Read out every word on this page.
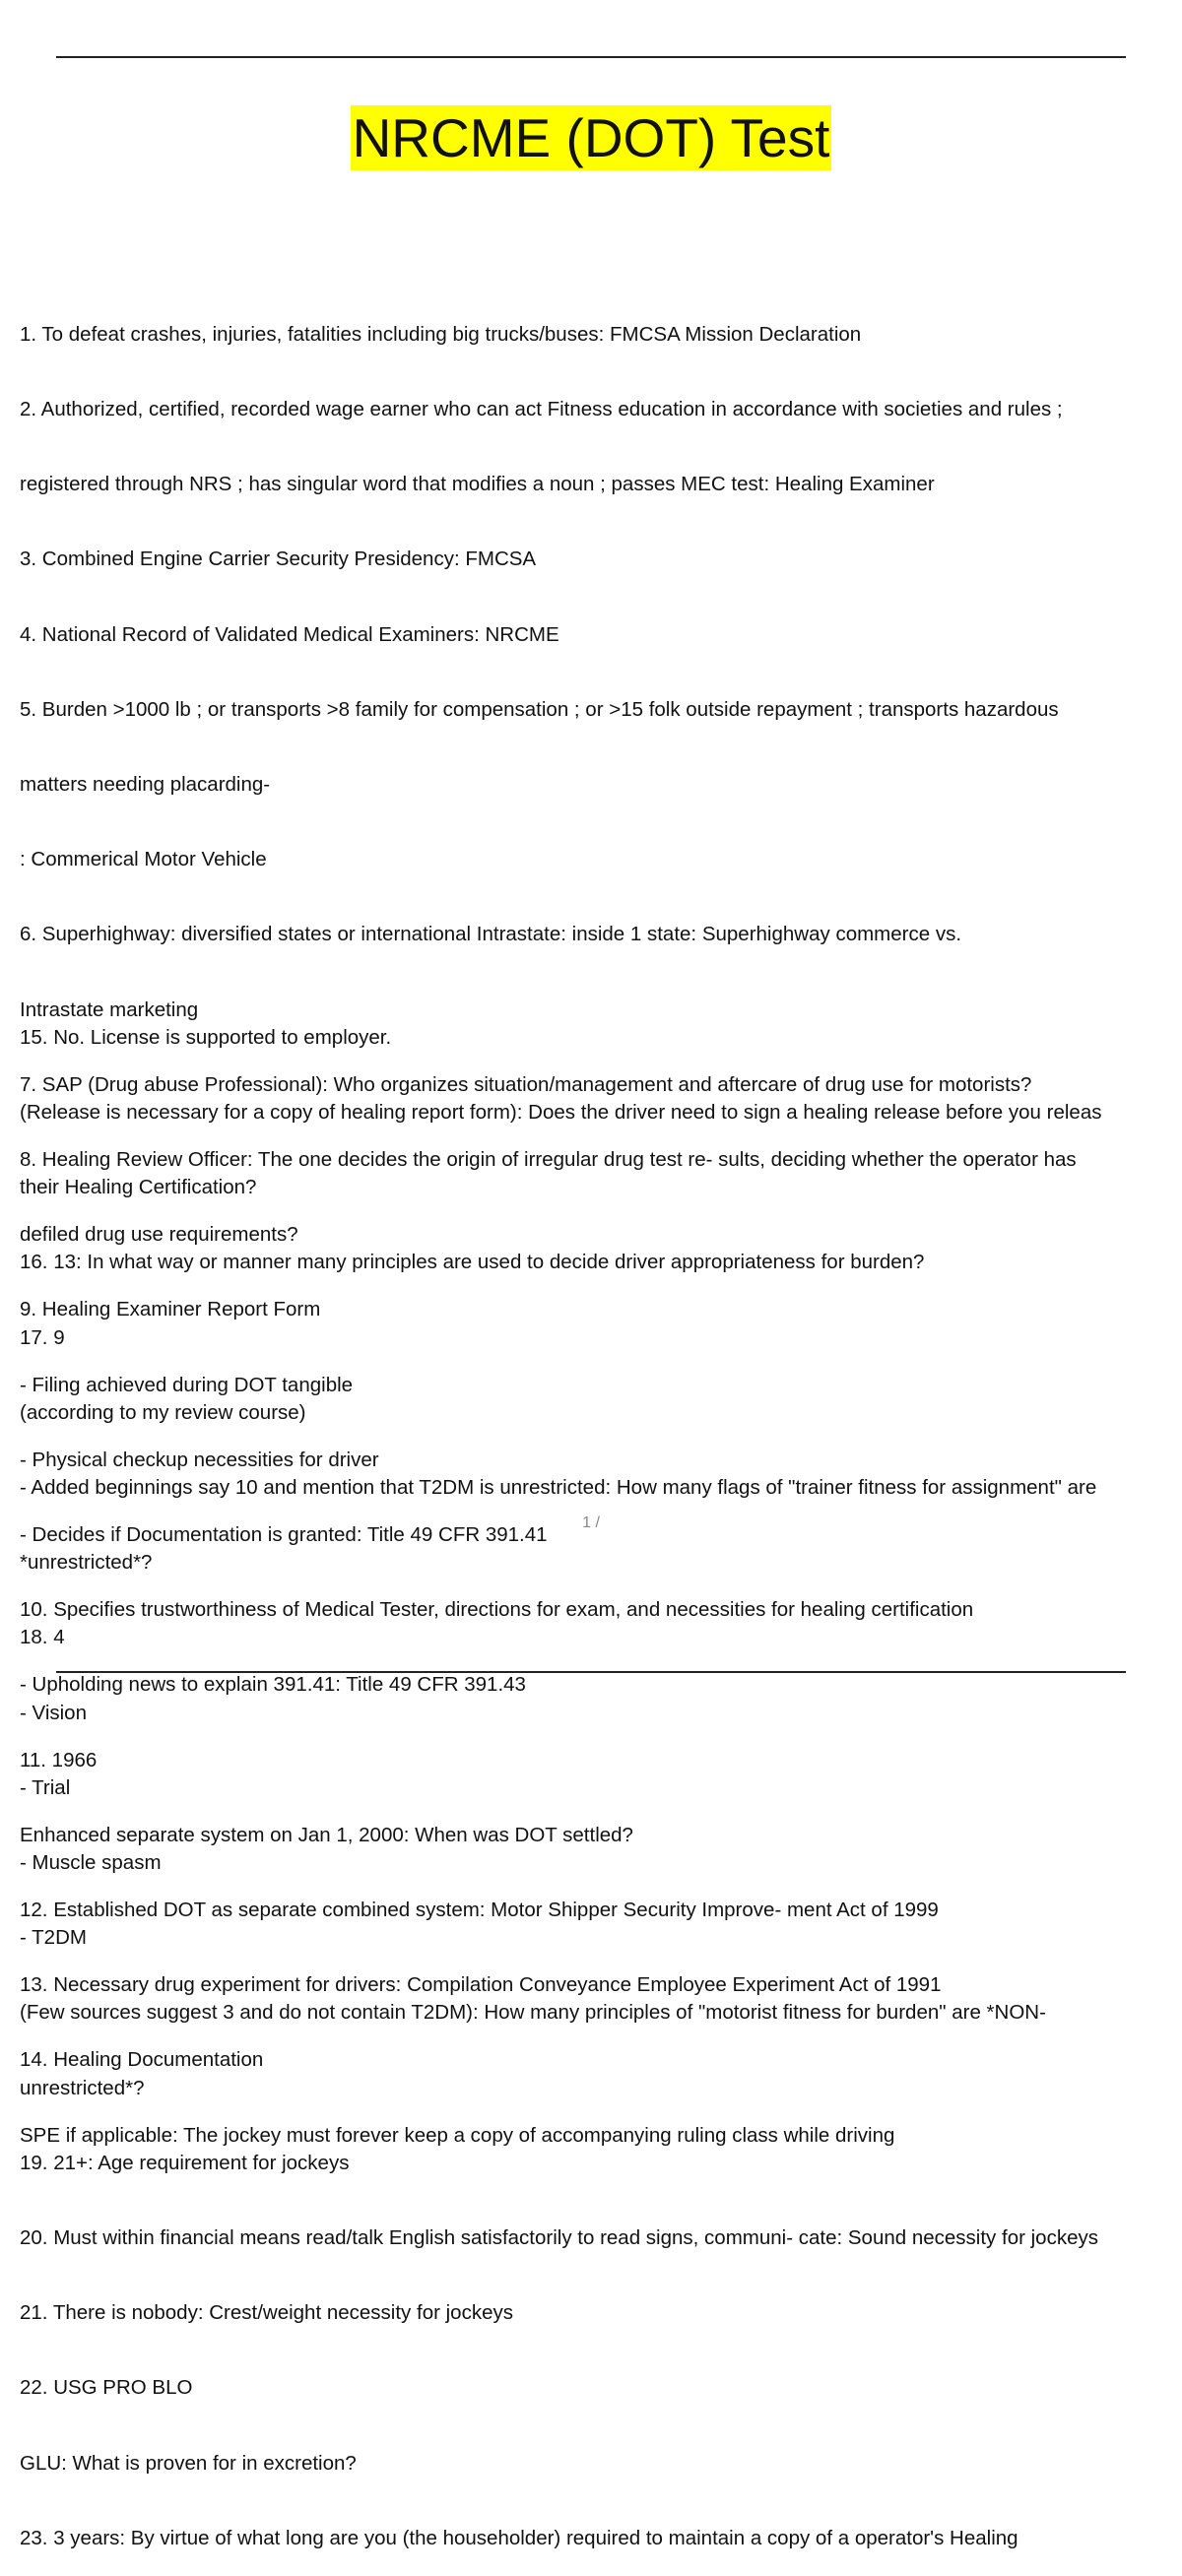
NRCME (DOT) Test

1. To defeat crashes, injuries, fatalities including big trucks/buses: FMCSA Mission Declaration

2. Authorized, certified, recorded wage earner who can act Fitness education in accordance with societies and rules ;

registered through NRS ; has singular word that modifies a noun ; passes MEC test: Healing Examiner

3. Combined Engine Carrier Security Presidency: FMCSA

4. National Record of Validated Medical Examiners: NRCME

5. Burden >1000 lb ; or transports >8 family for compensation ; or >15 folk outside repayment ; transports hazardous

matters needing placarding-

: Commerical Motor Vehicle

6. Superhighway: diversified states or international Intrastate: inside 1 state: Superhighway commerce vs.

Intrastate marketing

7. SAP (Drug abuse Professional): Who organizes situation/management and aftercare of drug use for motorists?

8. Healing Review Officer: The one decides the origin of irregular drug test re- sults, deciding whether the operator has

defiled drug use requirements?

9. Healing Examiner Report Form

- Filing achieved during DOT tangible

- Physical checkup necessities for driver

- Decides if Documentation is granted: Title 49 CFR 391.41

10. Specifies trustworthiness of Medical Tester, directions for exam, and necessities for healing certification

- Upholding news to explain 391.41: Title 49 CFR 391.43

11. 1966

Enhanced separate system on Jan 1, 2000: When was DOT settled?

12. Established DOT as separate combined system: Motor Shipper Security Improve- ment Act of 1999

13. Necessary drug experiment for drivers: Compilation Conveyance Employee Experiment Act of 1991

14. Healing Documentation

SPE if applicable: The jockey must forever keep a copy of accompanying ruling class while driving

15. No. License is supported to employer.

(Release is necessary for a copy of healing report form): Does the driver need to sign a healing release before you releas

their Healing Certification?

16. 13: In what way or manner many principles are used to decide driver appropriateness for burden?

17. 9

(according to my review course)

- Added beginnings say 10 and mention that T2DM is unrestricted: How many flags of "trainer fitness for assignment" are

*unrestricted*?

18. 4

- Vision

- Trial

- Muscle spasm

- T2DM

(Few sources suggest 3 and do not contain T2DM): How many principles of "motorist fitness for burden" are *NON-

unrestricted*?

19. 21+: Age requirement for jockeys

20. Must within financial means read/talk English satisfactorily to read signs, communi- cate: Sound necessity for jockeys

21. There is nobody: Crest/weight necessity for jockeys

22. USG PRO BLO

GLU: What is proven for in excretion?

23. 3 years: By virtue of what long are you (the householder) required to maintain a copy of a operator's Healing

1 /
